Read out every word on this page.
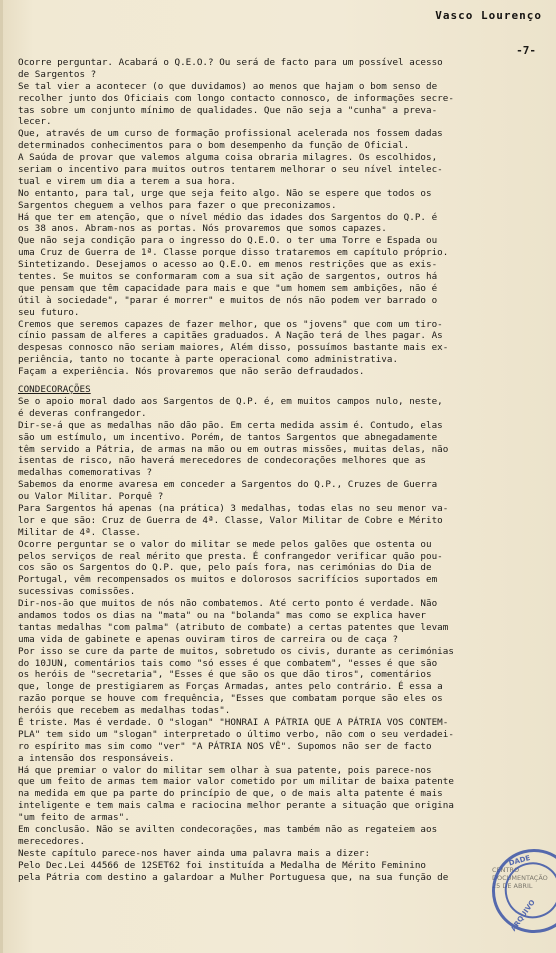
Vasco Lourenço
-7-
Ocorre perguntar. Acabará o Q.E.O.? Ou será de facto para um possível acesso
de Sargentos ?
Se tal vier a acontecer (o que duvidamos) ao menos que hajam o bom senso de
recolher junto dos Oficiais com longo contacto connosco, de informações secre-
tas sobre um conjunto mínimo de qualidades. Que não seja a "cunha" a preva-
lecer.
Que, através de um curso de formação profissional acelerada nos fossem dadas
determinados conhecimentos para o bom desempenho da função de Oficial.
A Saúda de provar que valemos alguma coisa obraria milagres. Os escolhidos,
seriam o incentivo para muitos outros tentarem melhorar o seu nível intelec-
tual e virem um dia a terem a sua hora.
No entanto, para tal, urge que seja feito algo. Não se espere que todos os
Sargentos cheguem a velhos para fazer o que preconizamos.
Há que ter em atenção, que o nível médio das idades dos Sargentos do Q.P. é
os 38 anos. Abram-nos as portas. Nós provaremos que somos capazes.
Que não seja condição para o ingresso do Q.E.O. o ter uma Torre e Espada ou
uma Cruz de Guerra de 1ª. Classe porque disso trataremos em capítulo próprio.
Sintetizando. Desejamos o acesso ao Q.E.O. em menos restrições que as exis-
tentes. Se muitos se conformaram com a sua sit ação de sargentos, outros há
que pensam que têm capacidade para mais e que "um homem sem ambições, não é
útil à sociedade", "parar é morrer" e muitos de nós não podem ver barrado o
seu futuro.
Cremos que seremos capazes de fazer melhor, que os "jovens" que com um tiro-
cínio passam de alferes a capitães graduados. A Nação terá de lhes pagar. As
despesas connosco não seriam maiores, Além disso, possuímos bastante mais ex-
periência, tanto no tocante à parte operacional como administrativa.
Façam a experiência. Nós provaremos que não serão defraudados.
CONDECORAÇÕES
Se o apoio moral dado aos Sargentos de Q.P. é, em muitos campos nulo, neste,
é deveras confrangedor.
Dir-se-á que as medalhas não dão pão. Em certa medida assim é. Contudo, elas
são um estímulo, um incentivo. Porém, de tantos Sargentos que abnegadamente
têm servido a Pátria, de armas na mão ou em outras missões, muitas delas, não
isentas de risco, não haverá merecedores de condecorações melhores que as
medalhas comemorativas ?
Sabemos da enorme avaresa em conceder a Sargentos do Q.P., Cruzes de Guerra
ou Valor Militar. Porquê ?
Para Sargentos há apenas (na prática) 3 medalhas, todas elas no seu menor va-
lor e que são: Cruz de Guerra de 4ª. Classe, Valor Militar de Cobre e Mérito
Militar de 4ª. Classe.
Ocorre perguntar se o valor do militar se mede pelos galões que ostenta ou
pelos serviços de real mérito que presta. É confrangedor verificar quão pou-
cos são os Sargentos do Q.P. que, pelo país fora, nas cerimónias do Dia de
Portugal, vêm recompensados os muitos e dolorosos sacrifícios suportados em
sucessivas comissões.
Dir-nos-ão que muitos de nós não combatemos. Até certo ponto é verdade. Não
andamos todos os dias na "mata" ou na "bolanda" mas como se explica haver
tantas medalhas "com palma" (atributo de combate) a certas patentes que levam
uma vida de gabinete e apenas ouviram tiros de carreira ou de caça ?
Por isso se cure da parte de muitos, sobretudo os civis, durante as cerimónias
do 10JUN, comentários tais como "só esses é que combatem", "esses é que são
os heróis de "secretaria", "Esses é que são os que dão tiros", comentários
que, longe de prestigiarem as Forças Armadas, antes pelo contrário. É essa a
razão porque se houve com frequência, "Esses que combatam porque são eles os
heróis que recebem as medalhas todas".
É triste. Mas é verdade. O "slogan" "HONRAI A PÁTRIA QUE A PÁTRIA VOS CONTEM-
PLA" tem sido um "slogan" interpretado o último verbo, não com o seu verdadei-
ro espírito mas sim como "ver" "A PÁTRIA NOS VÊ". Supomos não ser de facto
a intensão dos responsáveis.
Há que premiar o valor do militar sem olhar à sua patente, pois parece-nos
que um feito de armas tem maior valor cometido por um militar de baixa patente
na medida em que pa parte do princípio de que, o de mais alta patente é mais
inteligente e tem mais calma e raciocina melhor perante a situação que origina
"um feito de armas".
Em conclusão. Não se avilten condecorações, mas também não as regateiem aos
merecedores.
Neste capítulo parece-nos haver ainda uma palavra mais a dizer:
Pelo Dec.Lei 44566 de 12SET62 foi instituída a Medalha de Mérito Feminino
pela Pátria com destino a galardoar a Mulher Portuguesa que, na sua função de
CENTRO
DOCUMENTAÇÃO
25 DE ABRIL
DADE
ARQUIVO
